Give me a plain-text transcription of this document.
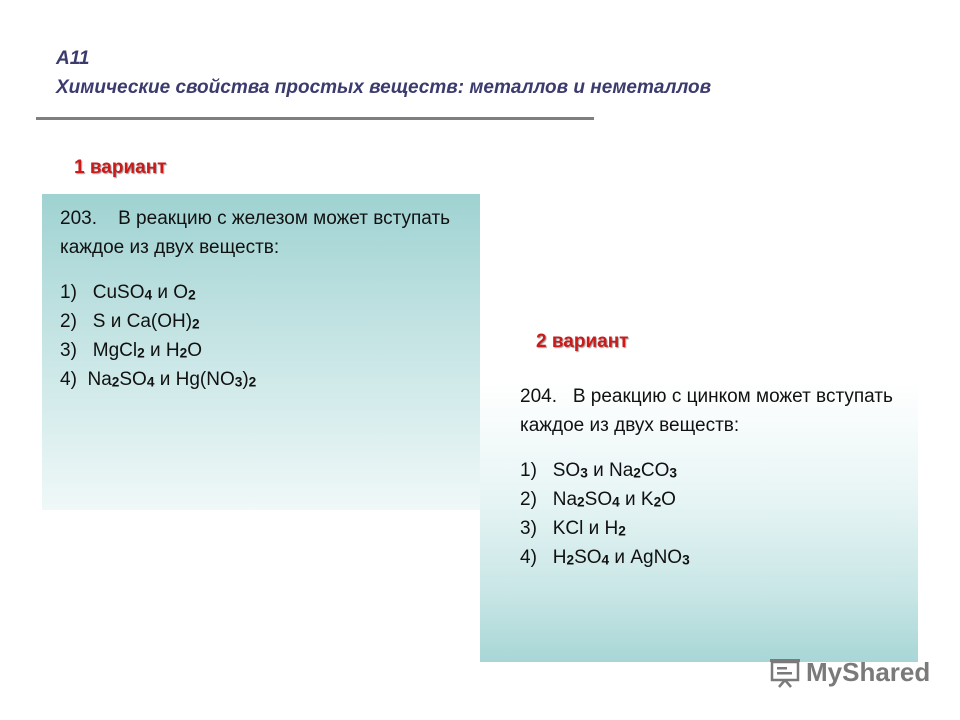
А11
Химические свойства простых веществ: металлов и неметаллов
1 вариант

203. В реакцию с железом может вступать каждое из двух веществ:

1) CuSO$_4$ и $O_2$
2) S и $Ca(OH)_2$
3) MgCl$_2$ и $H_2O$
4) $Na_2SO_4$ и $Hg(NO_3)_2$
2 вариант

204. В реакцию с цинком может вступать каждое из двух веществ:

1) $SO_3$ и $Na_2CO_3$
2) $Na_2SO_4$ и $K_2O$
3) KCl и $H_2$
4) $H_2SO_4$ и AgNO$_3$
MyShared
